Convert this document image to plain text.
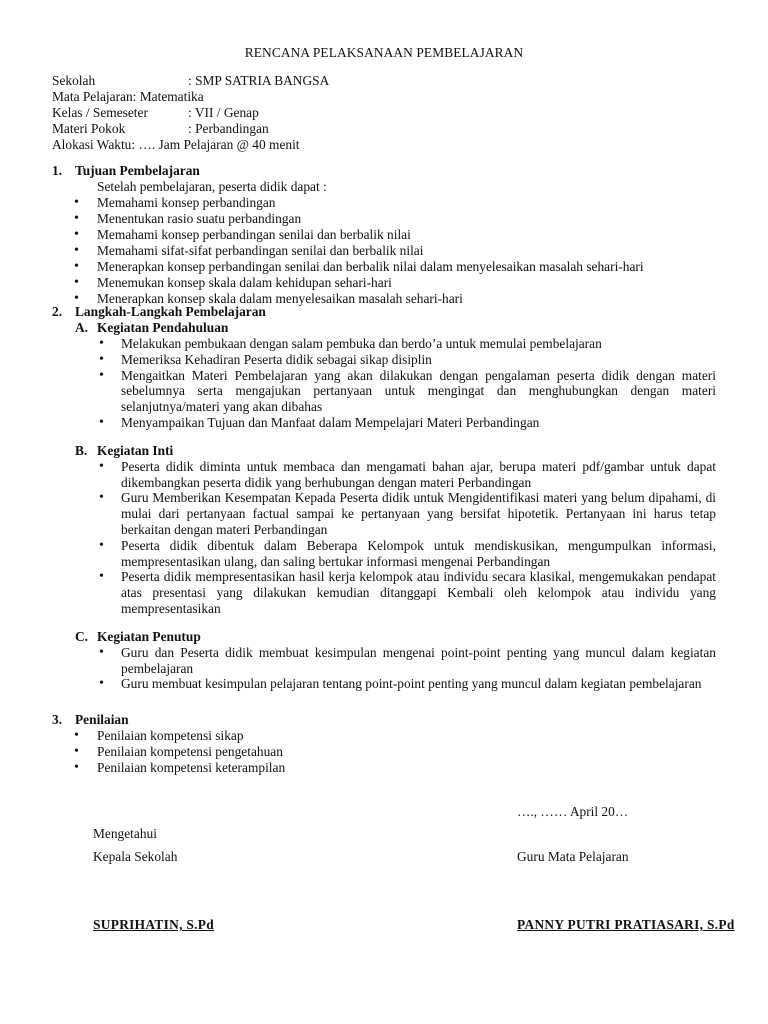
RENCANA PELAKSANAAN PEMBELAJARAN
Sekolah	: SMP SATRIA BANGSA
Mata Pelajaran: Matematika
Kelas / Semeseter	: VII / Genap
Materi Pokok	: Perbandingan
Alokasi Waktu: …. Jam Pelajaran @ 40 menit
1. Tujuan Pembelajaran
Setelah pembelajaran, peserta didik dapat :
• Memahami konsep perbandingan
• Menentukan rasio suatu perbandingan
• Memahami konsep perbandingan senilai dan berbalik nilai
• Memahami sifat-sifat perbandingan senilai dan berbalik nilai
• Menerapkan konsep perbandingan senilai dan berbalik nilai dalam menyelesaikan masalah sehari-hari
• Menemukan konsep skala dalam kehidupan sehari-hari
• Menerapkan konsep skala dalam menyelesaikan masalah sehari-hari
2. Langkah-Langkah Pembelajaran
A. Kegiatan Pendahuluan
• Melakukan pembukaan dengan salam pembuka dan berdo’a untuk memulai pembelajaran
• Memeriksa Kehadiran Peserta didik sebagai sikap disiplin
• Mengaitkan Materi Pembelajaran yang akan dilakukan dengan pengalaman peserta didik dengan materi sebelumnya serta mengajukan pertanyaan untuk mengingat dan menghubungkan dengan materi selanjutnya/materi yang akan dibahas
• Menyampaikan Tujuan dan Manfaat dalam Mempelajari Materi Perbandingan
B. Kegiatan Inti
• Peserta didik diminta untuk membaca dan mengamati bahan ajar, berupa materi pdf/gambar untuk dapat dikembangkan peserta didik yang berhubungan dengan materi Perbandingan
• Guru Memberikan Kesempatan Kepada Peserta didik untuk Mengidentifikasi materi yang belum dipahami, di mulai dari pertanyaan factual sampai ke pertanyaan yang bersifat hipotetik. Pertanyaan ini harus tetap berkaitan dengan materi Perbandingan
• Peserta didik dibentuk dalam Beberapa Kelompok untuk mendiskusikan, mengumpulkan informasi, mempresentasikan ulang, dan saling bertukar informasi mengenai Perbandingan
• Peserta didik mempresentasikan hasil kerja kelompok atau individu secara klasikal, mengemukakan pendapat atas presentasi yang dilakukan kemudian ditanggapi Kembali oleh kelompok atau individu yang mempresentasikan
C. Kegiatan Penutup
• Guru dan Peserta didik membuat kesimpulan mengenai point-point penting yang muncul dalam kegiatan pembelajaran
• Guru membuat kesimpulan pelajaran tentang point-point penting yang muncul dalam kegiatan pembelajaran
3. Penilaian
• Penilaian kompetensi sikap
• Penilaian kompetensi pengetahuan
• Penilaian kompetensi keterampilan
…., …… April 20…
Mengetahui
Kepala Sekolah	Guru Mata Pelajaran
SUPRIHATIN, S.Pd	PANNY PUTRI PRATIASARI, S.Pd
